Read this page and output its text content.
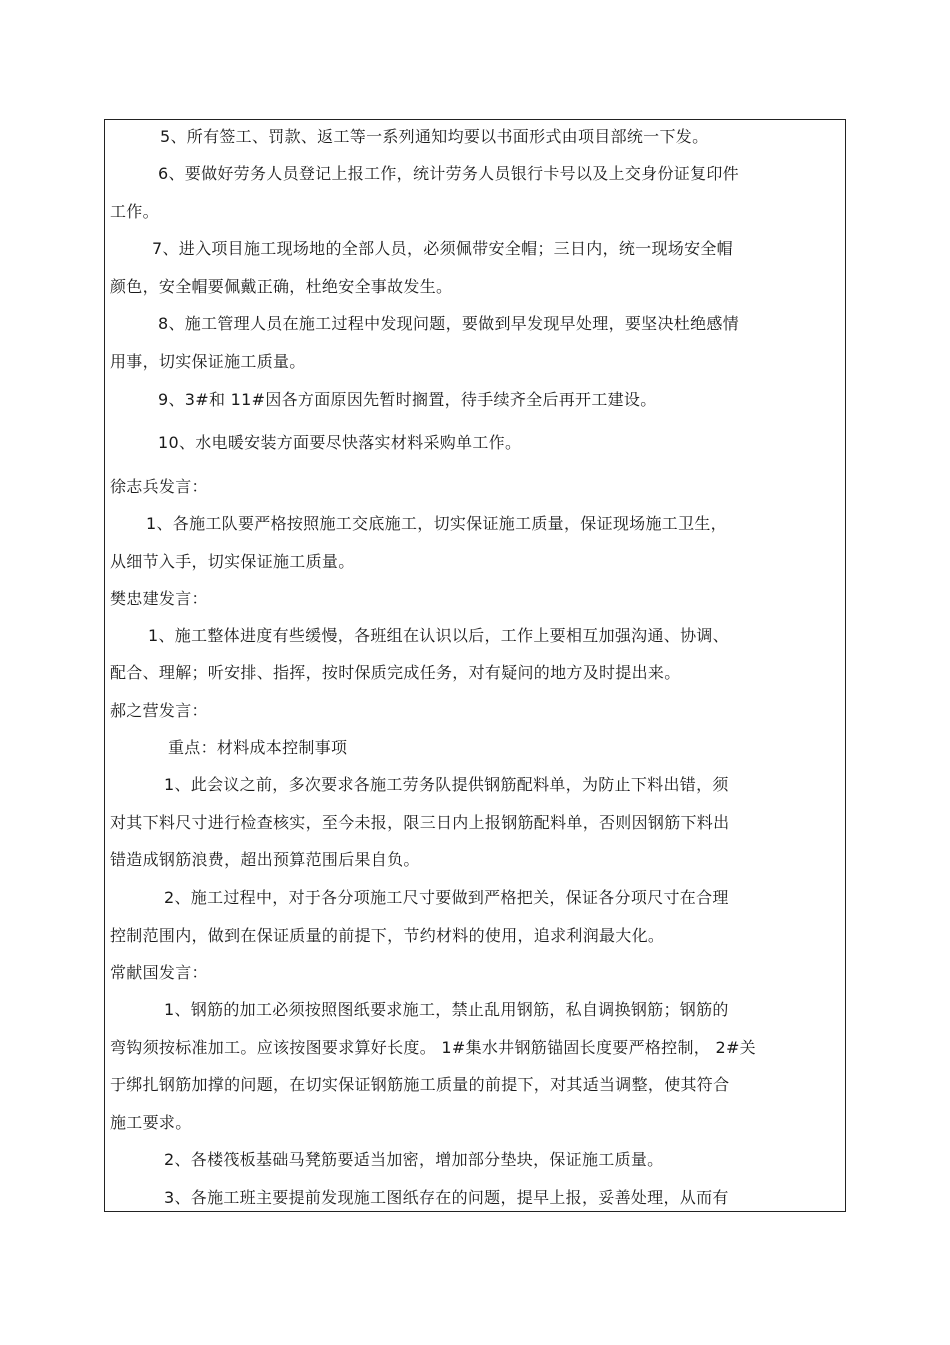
5、所有签工、罚款、返工等一系列通知均要以书面形式由项目部统一下发。
6、要做好劳务人员登记上报工作，统计劳务人员银行卡号以及上交身份证复印件
工作。
7、进入项目施工现场地的全部人员，必须佩带安全帽；三日内，统一现场安全帽
颜色，安全帽要佩戴正确，杜绝安全事故发生。
8、施工管理人员在施工过程中发现问题，要做到早发现早处理，要坚决杜绝感情
用事，切实保证施工质量。
9、3#和 11#因各方面原因先暂时搁置，待手续齐全后再开工建设。
10、水电暖安装方面要尽快落实材料采购单工作。
徐志兵发言：
1、各施工队要严格按照施工交底施工，切实保证施工质量，保证现场施工卫生，
从细节入手，切实保证施工质量。
樊忠建发言：
1、施工整体进度有些缓慢，各班组在认识以后，工作上要相互加强沟通、协调、
配合、理解；听安排、指挥，按时保质完成任务，对有疑问的地方及时提出来。
郝之营发言：
重点：材料成本控制事项
1、此会议之前，多次要求各施工劳务队提供钢筋配料单，为防止下料出错，须
对其下料尺寸进行检查核实，至今未报，限三日内上报钢筋配料单，否则因钢筋下料出
错造成钢筋浪费，超出预算范围后果自负。
2、施工过程中，对于各分项施工尺寸要做到严格把关，保证各分项尺寸在合理
控制范围内，做到在保证质量的前提下，节约材料的使用，追求利润最大化。
常献国发言：
1、钢筋的加工必须按照图纸要求施工，禁止乱用钢筋，私自调换钢筋；钢筋的
弯钩须按标准加工。应该按图要求算好长度。 1#集水井钢筋锚固长度要严格控制， 2#关
于绑扎钢筋加撑的问题，在切实保证钢筋施工质量的前提下，对其适当调整，使其符合
施工要求。
2、各楼筏板基础马凳筋要适当加密，增加部分垫块，保证施工质量。
3、各施工班主要提前发现施工图纸存在的问题，提早上报，妥善处理，从而有
